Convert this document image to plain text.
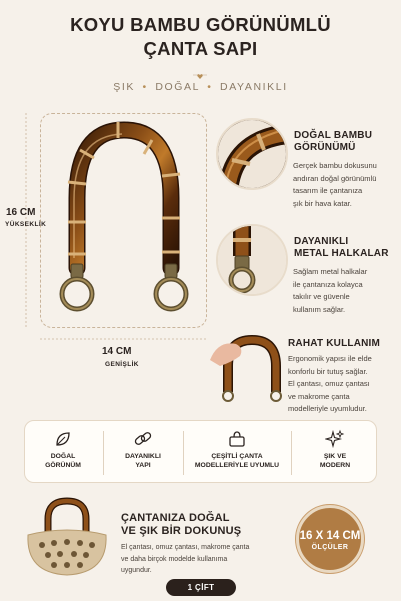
KOYU BAMBU GÖRÜNÜMLÜ
ÇANTA SAPI
ŞIK • DOĞAL • DAYANIKLI
16 CM
YÜKSEKLİK
14 CM
GENİŞLİK
DOĞAL BAMBU
GÖRÜNÜMÜ
Gerçek bambu dokusunu
andıran doğal görünümlü
tasarım ile çantanıza
şık bir hava katar.
DAYANIKLI
METAL HALKALAR
Sağlam metal halkalar
ile çantanıza kolayca
takılır ve güvenle
kullanım sağlar.
RAHAT KULLANIM
Ergonomik yapısı ile elde
konforlu bir tutuş sağlar.
El çantası, omuz çantası
ve makrome çanta
modelleriyle uyumludur.
DOĞAL
GÖRÜNÜM
DAYANIKLI
YAPI
ÇEŞİTLİ ÇANTA
MODELLERİYLE UYUMLU
ŞIK VE
MODERN
ÇANTANIZA DOĞAL
VE ŞIK BİR DOKUNUŞ
El çantası, omuz çantası, makrome çanta
ve daha birçok modelde kullanıma
uygundur.
16 X 14 CM
ÖLÇÜLER
1 ÇİFT
